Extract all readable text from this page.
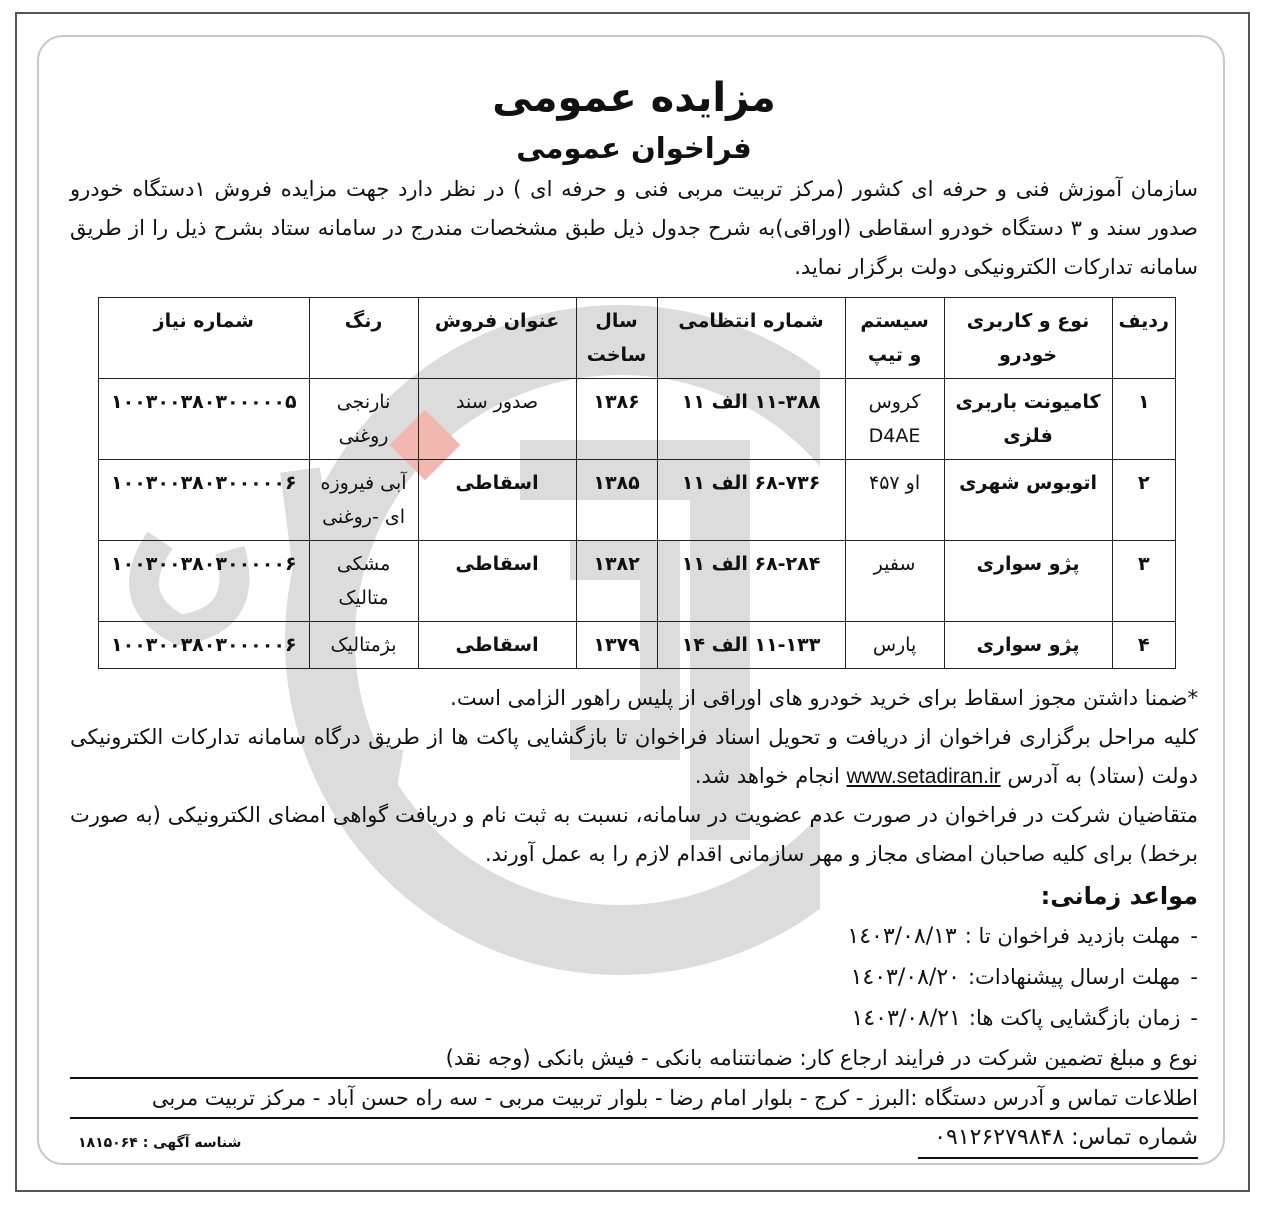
مزایده عمومی
فراخوان عمومی

سازمان آموزش فنی و حرفه ای کشور (مرکز تربیت مربی فنی و حرفه ای ) در نظر دارد جهت مزایده فروش ۱دستگاه خودرو صدور سند و ۳ دستگاه خودرو اسقاطی (اوراقی)به شرح جدول ذیل طبق مشخصات مندرج در سامانه ستاد بشرح ذیل را از طریق سامانه تدارکات الکترونیکی دولت برگزار نماید.

ردیف	نوع و کاربری خودرو	سیستم و تیپ	شماره انتظامی	سال ساخت	عنوان فروش	رنگ	شماره نیاز
۱	کامیونت باربری فلزی	کروس D4AE	۱۱-۳۸۸ الف ۱۱	۱۳۸۶	صدور سند	نارنجی روغنی	۱۰۰۳۰۰۳۸۰۳۰۰۰۰۰۵
۲	اتوبوس شهری	او ۴۵۷	۶۸-۷۳۶ الف ۱۱	۱۳۸۵	اسقاطی	آبی فیروزه ای -روغنی	۱۰۰۳۰۰۳۸۰۳۰۰۰۰۰۶
۳	پژو سواری	سفیر	۶۸-۲۸۴ الف ۱۱	۱۳۸۲	اسقاطی	مشکی متالیک	۱۰۰۳۰۰۳۸۰۳۰۰۰۰۰۶
۴	پژو سواری	پارس	۱۱-۱۳۳ الف ۱۴	۱۳۷۹	اسقاطی	بژمتالیک	۱۰۰۳۰۰۳۸۰۳۰۰۰۰۰۶

*ضمنا داشتن مجوز اسقاط برای خرید خودرو های اوراقی از پلیس راهور الزامی است.

کلیه مراحل برگزاری فراخوان از دریافت و تحویل اسناد فراخوان تا بازگشایی پاکت ها از طریق درگاه سامانه تدارکات الکترونیکی دولت (ستاد) به آدرس www.setadiran.ir انجام خواهد شد.

متقاضیان شرکت در فراخوان در صورت عدم عضویت در سامانه، نسبت به ثبت نام و دریافت گواهی امضای الکترونیکی (به صورت برخط) برای کلیه صاحبان امضای مجاز و مهر سازمانی اقدام لازم را به عمل آورند.

مواعد زمانی:

-مهلت بازدید فراخوان تا :۱٤۰۳/۰۸/۱۳

-مهلت ارسال پیشنهادات:۱٤۰۳/۰۸/۲۰

-زمان بازگشایی پاکت ها:۱٤۰۳/۰۸/۲۱

نوع و مبلغ تضمین شرکت در فرایند ارجاع کار: ضمانتنامه بانکی - فیش بانکی (وجه نقد)

اطلاعات تماس و آدرس دستگاه :البرز - کرج - بلوار امام رضا - بلوار تربیت مربی - سه راه حسن آباد - مرکز تربیت مربی

شماره تماس: ۰۹۱۲۶۲۷۹۸۴۸

شناسه آگهی : ۱۸۱۵۰۶۴
